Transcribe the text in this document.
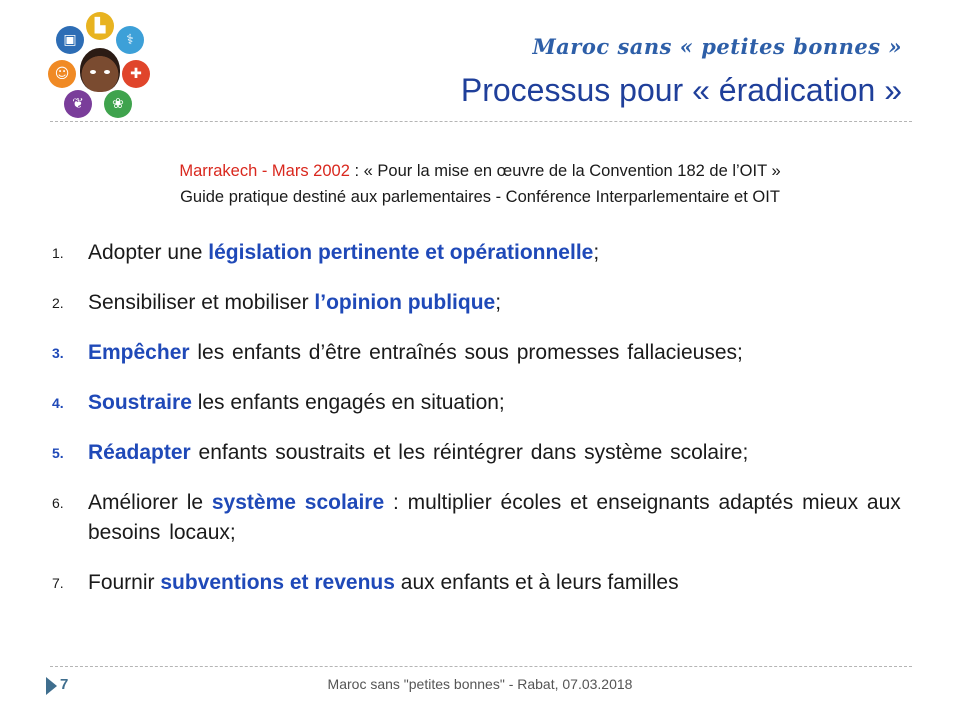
▙
▣	⚕
☺	✚
❦	❀
Maroc sans « petites bonnes »
Processus pour « éradication »
Marrakech - Mars 2002 : « Pour la mise en œuvre de la Convention 182 de l’OIT »
Guide pratique destiné aux parlementaires - Conférence Interparlementaire et OIT
1.	Adopter une législation pertinente et opérationnelle;
2.	Sensibiliser et mobiliser l’opinion publique;
3.	Empêcher les enfants d’être entraînés sous promesses fallacieuses;
4.	Soustraire les enfants engagés en situation;
5.	Réadapter enfants soustraits et les réintégrer dans système scolaire;
6.	Améliorer le système scolaire : multiplier écoles et enseignants adaptés mieux aux besoins locaux;
7.	Fournir subventions et revenus aux enfants et à leurs familles
7	Maroc sans "petites bonnes" - Rabat, 07.03.2018
